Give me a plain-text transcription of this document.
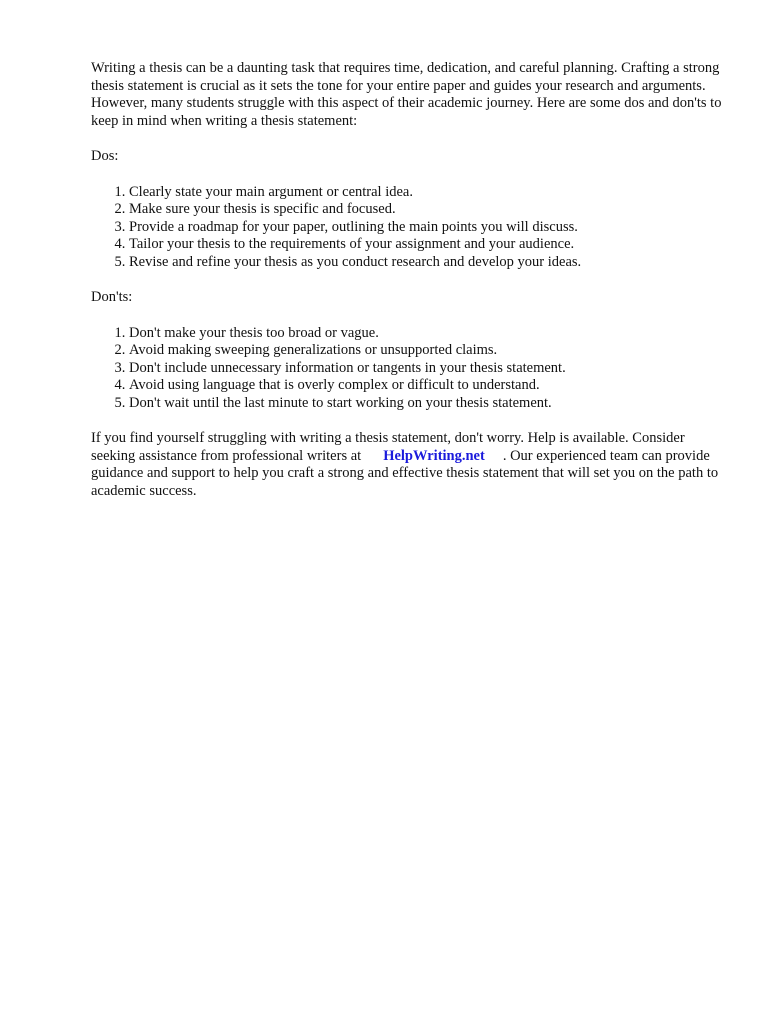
Writing a thesis can be a daunting task that requires time, dedication, and careful planning. Crafting a strong thesis statement is crucial as it sets the tone for your entire paper and guides your research and arguments. However, many students struggle with this aspect of their academic journey. Here are some dos and don'ts to keep in mind when writing a thesis statement:

Dos:

1. Clearly state your main argument or central idea.
2. Make sure your thesis is specific and focused.
3. Provide a roadmap for your paper, outlining the main points you will discuss.
4. Tailor your thesis to the requirements of your assignment and your audience.
5. Revise and refine your thesis as you conduct research and develop your ideas.

Don'ts:

1. Don't make your thesis too broad or vague.
2. Avoid making sweeping generalizations or unsupported claims.
3. Don't include unnecessary information or tangents in your thesis statement.
4. Avoid using language that is overly complex or difficult to understand.
5. Don't wait until the last minute to start working on your thesis statement.

If you find yourself struggling with writing a thesis statement, don't worry. Help is available. Consider seeking assistance from professional writers at HelpWriting.net . Our experienced team can provide guidance and support to help you craft a strong and effective thesis statement that will set you on the path to academic success.
